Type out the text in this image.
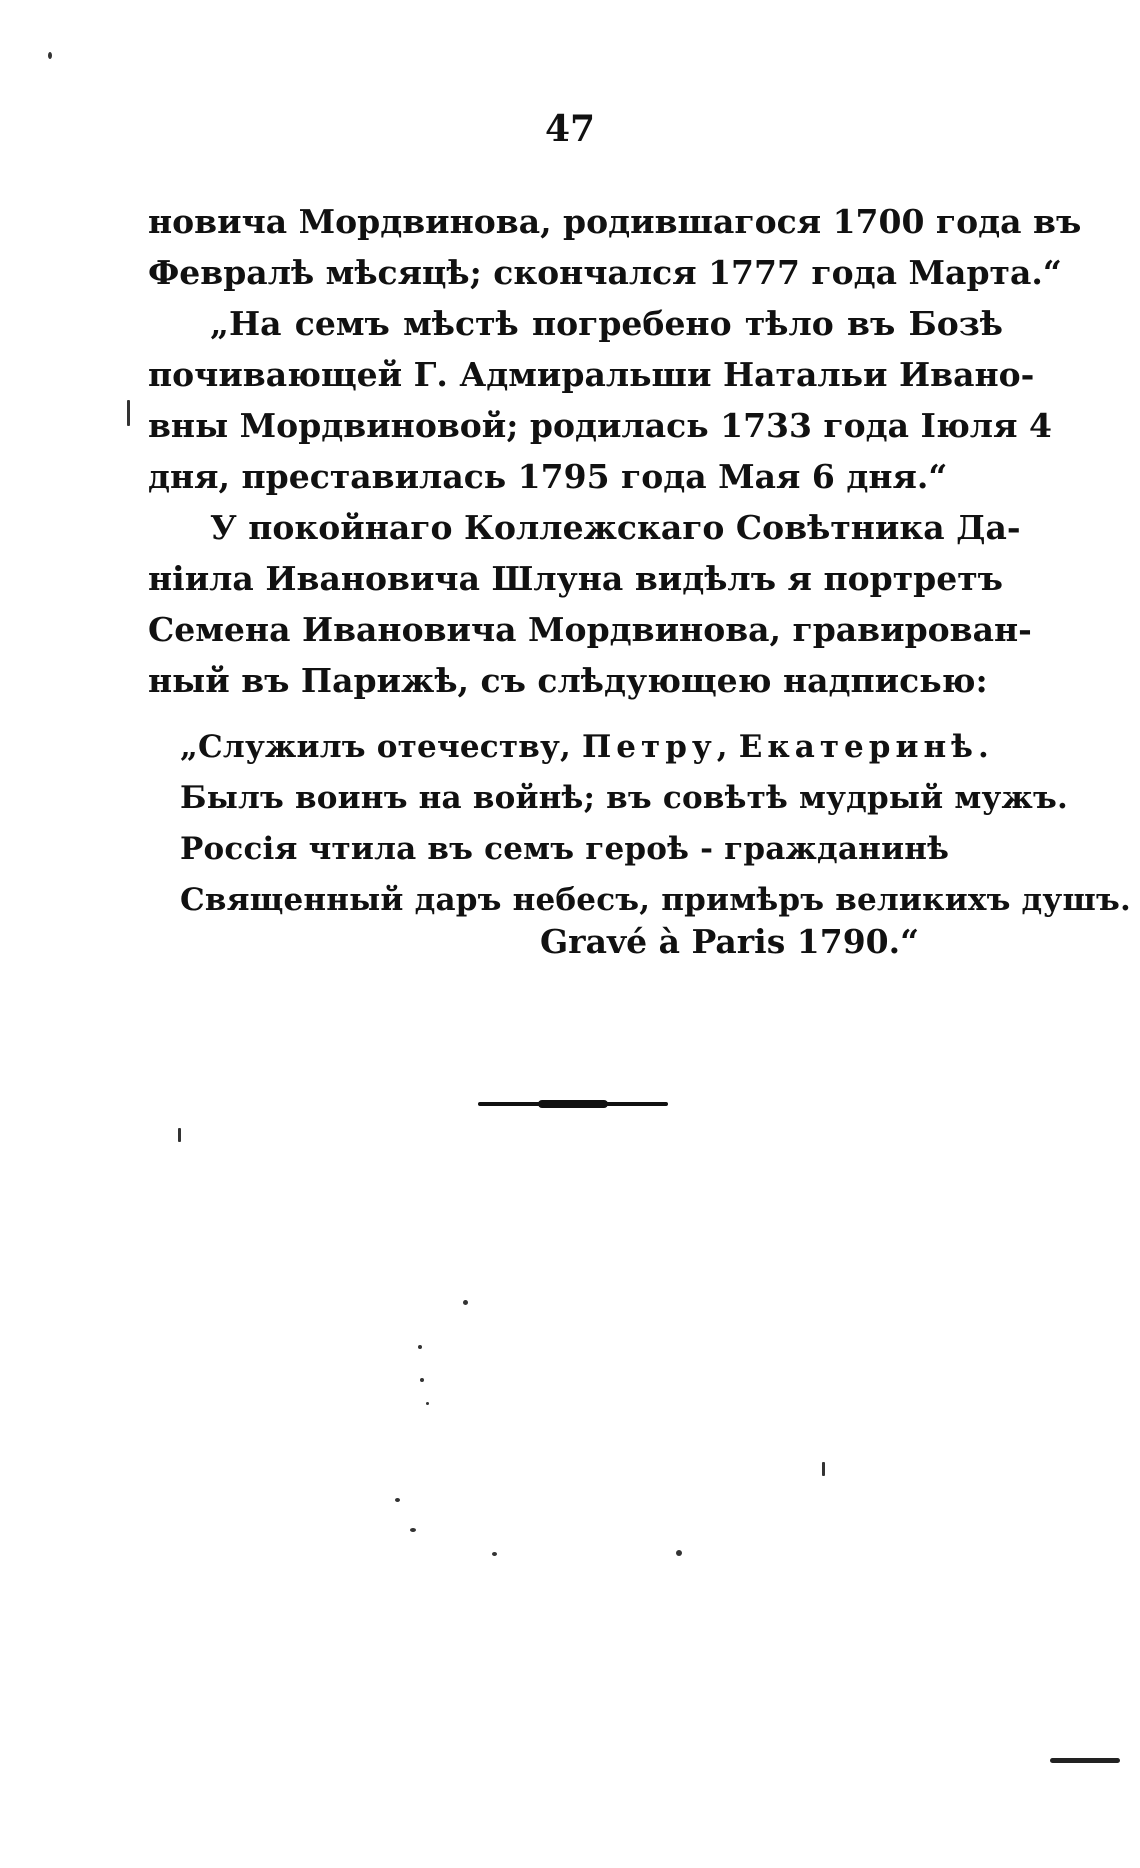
47
новича Мордвинова, родившагося 1700 года въ
Февралѣ мѣсяцѣ; скончался 1777 года Марта.“
„На семъ мѣстѣ погребено тѣло въ Бозѣ
почивающей Г. Адмиральши Натальи Ивано-
вны Мордвиновой; родилась 1733 года Іюля 4
дня, преставилась 1795 года Мая 6 дня.“
У покойнаго Коллежскаго Совѣтника Да-
ніила Ивановича Шлуна видѣлъ я портретъ
Семена Ивановича Мордвинова, гравирован-
ный въ Парижѣ, съ слѣдующею надписью:
„Служилъ отечеству, Петру, Екатеринѣ.
Былъ воинъ на войнѣ; въ совѣтѣ мудрый мужъ.
Россія чтила въ семъ героѣ - гражданинѣ
Священный даръ небесъ, примѣръ великихъ душъ.
Gravé à Paris 1790.“
